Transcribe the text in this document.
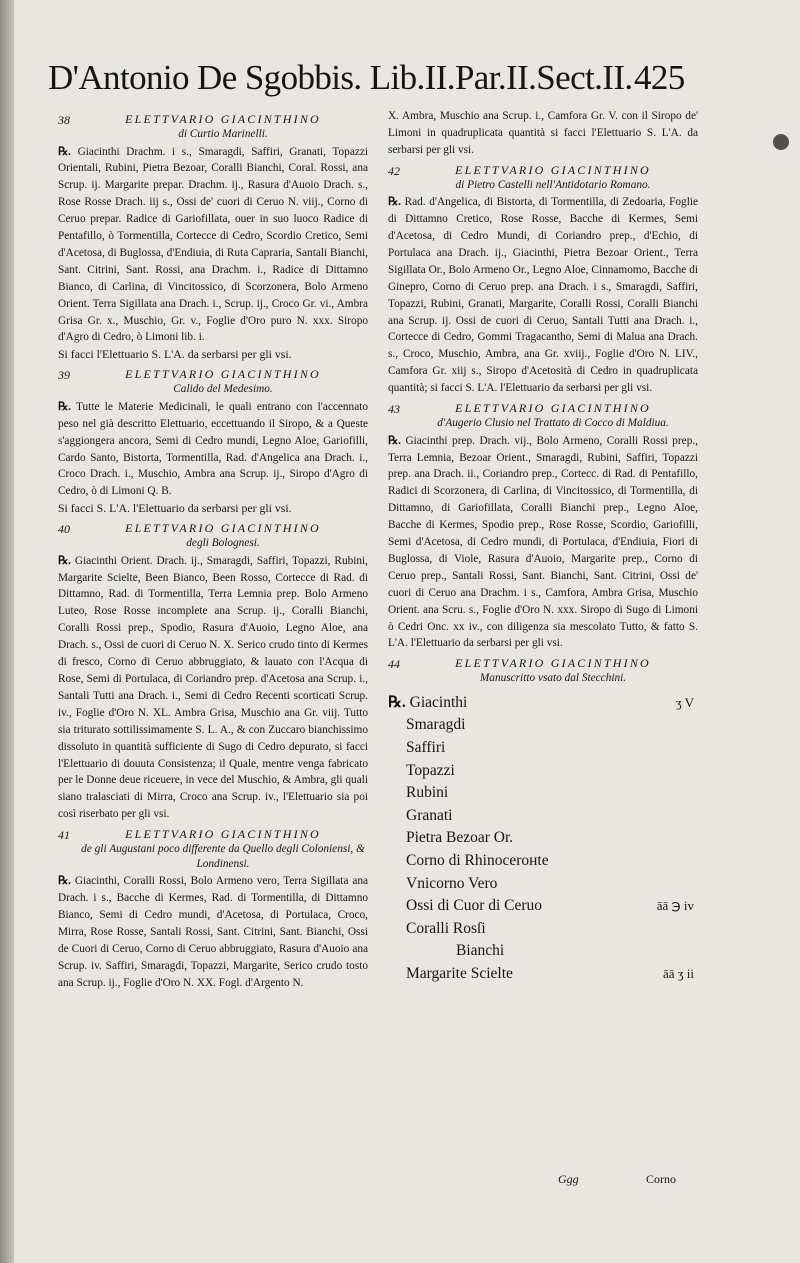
D'Antonio De Sgobbis. Lib.II.Par.II.Sect.II. 425
38	ELETTVARIO GIACINTHINO
di Curtio Marinelli.

℞. Giacinthi Drachm. i s., Smaragdi, Saffiri, Granati, Topazzi Orientali, Rubini, Pietra Bezoar, Coralli Bianchi, Coral. Rossi, ana Scrup. ij. Margarite prepar. Drachm. ij., Rasura d'Auoio Drach. s., Rose Rosse Drach. iij s., Ossi de' cuori di Ceruo N. viij., Corno di Ceruo prepar. Radice di Gariofillata, ouer in suo luoco Radice di Pentafillo, ò Tormentilla, Cortecce di Cedro, Scordio Cretico, Semi d'Acetosa, di Buglossa, d'Endiuia, di Ruta Capraria, Santali Bianchi, Sant. Citrini, Sant. Rossi, ana Drachm. i., Radice di Dittamno Bianco, di Carlina, di Vincitossico, di Scorzonera, Bolo Armeno Orient. Terra Sigillata ana Drach. i., Scrup. ij., Croco Gr. vi., Ambra Grisa Gr. x., Muschio, Gr. v., Foglie d'Oro puro N. xxx. Siropo d'Agro di Cedro, ò Limoni lib. i.

Si facci l'Elettuario S. L'A. da serbarsi per gli vsi.

39	ELETTVARIO GIACINTHINO
Calido del Medesimo.

℞. Tutte le Materie Medicinali, le quali entrano con l'accennato peso nel già descritto Elettuario, eccettuando il Siropo, & a Queste s'aggiongera ancora, Semi di Cedro mundi, Legno Aloe, Gariofilli, Cardo Santo, Bistorta, Tormentilla, Rad. d'Angelica ana Drach. i., Croco Drach. i., Muschio, Ambra ana Scrup. ij., Siropo d'Agro di Cedro, ò di Limoni Q. B.

Si facci S. L'A. l'Elettuario da serbarsi per gli vsi.

40	ELETTVARIO GIACINTHINO
degli Bolognesi.

℞. Giacinthi Orient. Drach. ij., Smaragdi, Saffiri, Topazzi, Rubini, Margarite Scielte, Been Bianco, Been Rosso, Cortecce di Rad. di Dittamno, Rad. di Tormentilla, Terra Lemnia prep. Bolo Armeno Luteo, Rose Rosse incomplete ana Scrup. ij., Coralli Bianchi, Coralli Rossi prep., Spodio, Rasura d'Auoio, Legno Aloe, ana Drach. s., Ossi de cuori di Ceruo N. X. Serico crudo tinto di Kermes di fresco, Corno di Ceruo abbruggiato, & lauato con l'Acqua di Rose, Semi di Portulaca, di Coriandro prep. d'Acetosa ana Scrup. i., Santali Tutti ana Drach. i., Semi di Cedro Recenti scorticati Scrup. iv., Foglie d'Oro N. XL. Ambra Grisa, Muschio ana Gr. viij. Tutto sia triturato sottilissimamente S. L. A., & con Zuccaro bianchissimo dissoluto in quantità sufficiente di Sugo di Cedro depurato, si facci l'Elettuario di douuta Consistenza; il Quale, mentre venga fabricato per le Donne deue riceuere, in vece del Muschio, & Ambra, gli quali siano tralasciati di Mirra, Croco ana Scrup. iv., l'Elettuario sia poi così riserbato per gli vsi.

41	ELETTVARIO GIACINTHINO
de gli Augustani poco differente da Quello degli Coloniensi, & Londinensi.

℞. Giacinthi, Coralli Rossi, Bolo Armeno vero, Terra Sigillata ana Drach. i s., Bacche di Kermes, Rad. di Tormentilla, di Dittamno Bianco, Semi di Cedro mundi, d'Acetosa, di Portulaca, Croco, Mirra, Rose Rosse, Santali Rossi, Sant. Citrini, Sant. Bianchi, Ossi de Cuori di Ceruo, Corno di Ceruo abbruggiato, Rasura d'Auoio ana Scrup. iv. Saffiri, Smaragdi, Topazzi, Margarite, Serico crudo tosto ana Scrup. ij., Foglie d'Oro N. XX. Fogl. d'Argento N.

X. Ambra, Muschio ana Scrup. i., Camfora Gr. V. con il Siropo de' Limoni in quadruplicata quantità si facci l'Elettuario S. L'A. da serbarsi per gli vsi.

42	ELETTVARIO GIACINTHINO
di Pietro Castelli nell'Antidotario Romano.

℞. Rad. d'Angelica, di Bistorta, di Tormentilla, di Zedoaria, Foglie di Dittamno Cretico, Rose Rosse, Bacche di Kermes, Semi d'Acetosa, di Cedro Mundi, di Coriandro prep., d'Echio, di Portulaca ana Drach. ij., Giacinthi, Pietra Bezoar Orient., Terra Sigillata Or., Bolo Armeno Or., Legno Aloe, Cinnamomo, Bacche di Ginepro, Corno di Ceruo prep. ana Drach. i s., Smaragdi, Saffiri, Topazzi, Rubini, Granati, Margarite, Coralli Rossi, Coralli Bianchi ana Scrup. ij. Ossi de cuori di Ceruo, Santali Tutti ana Drach. i., Cortecce di Cedro, Gommi Tragacantho, Semi di Malua ana Drach. s., Croco, Muschio, Ambra, ana Gr. xviij., Foglie d'Oro N. LIV., Camfora Gr. xiij s., Siropo d'Acetosità di Cedro in quadruplicata quantità; si facci S. L'A. l'Elettuario da serbarsi per gli vsi.

43	ELETTVARIO GIACINTHINO
d'Augerio Clusio nel Trattato di Cocco di Maldiua.

℞. Giacinthi prep. Drach. vij., Bolo Armeno, Coralli Rossi prep., Terra Lemnia, Bezoar Orient., Smaragdi, Rubini, Saffiri, Topazzi prep. ana Drach. ii., Coriandro prep., Cortecc. di Rad. di Pentafillo, Radici di Scorzonera, di Carlina, di Vincitossico, di Tormentilla, di Dittamno, di Gariofillata, Coralli Bianchi prep., Legno Aloe, Bacche di Kermes, Spodio prep., Rose Rosse, Scordio, Gariofilli, Semi d'Acetosa, di Cedro mundi, di Portulaca, d'Endiuia, Fiori di Buglossa, di Viole, Rasura d'Auoio, Margarite prep., Corno di Ceruo prep., Santali Rossi, Sant. Bianchi, Sant. Citrini, Ossi de' cuori di Ceruo ana Drachm. i s., Camfora, Ambra Grisa, Muschio Orient. ana Scru. s., Foglie d'Oro N. xxx. Siropo di Sugo di Limoni ò Cedri Onc. xx iv., con diligenza sia mescolato Tutto, & fatto S. L'A. l'Elettuario da serbarsi per gli vsi.

44	ELETTVARIO GIACINTHINO
Manuscritto vsato dal Stecchini.
℞. Giacinthi	ʒ V
Smaragdi
Saffiri
Topazzi
Rubini
Granati
Pietra Bezoar Or.
Corno di Rhinocerонte
Vnicorno Vero
Ossi di Cuor di Ceruo	āā ℈ iv
Coralli Rosſi
Bianchi
Margarite Scielte	āā ʒ ii
Ggg	Corno
